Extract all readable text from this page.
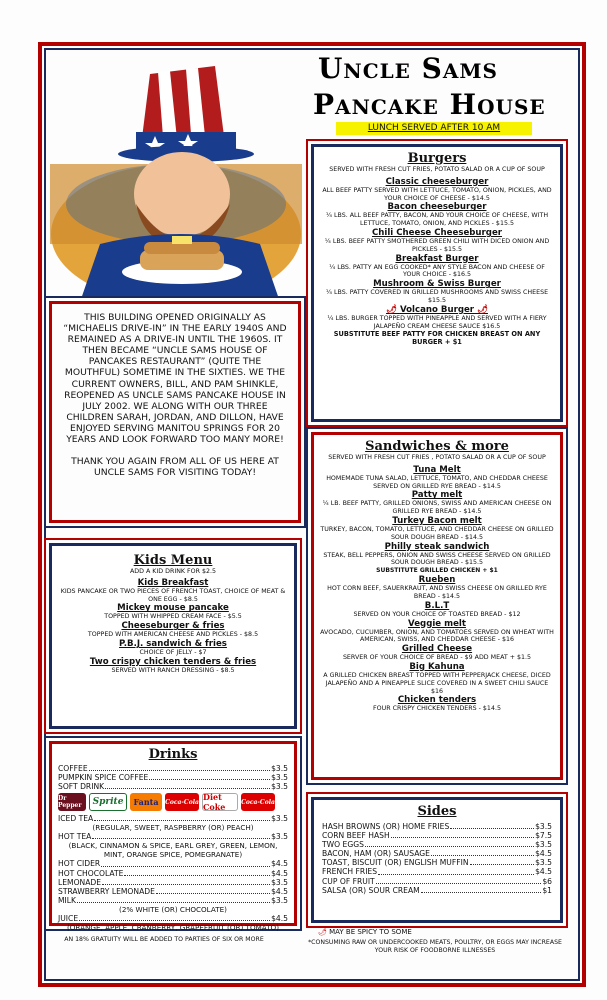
Uncle Sams
Pancake House
LUNCH SERVED AFTER 10 AM
Burgers
SERVED WITH FRESH CUT FRIES, POTATO SALAD OR A CUP OF SOUP
Classic cheeseburger
ALL BEEF PATTY SERVED WITH LETTUCE, TOMATO, ONION, PICKLES, AND YOUR CHOICE OF CHEESE - $14.5
Bacon cheeseburger
¼ LBS. ALL BEEF PATTY, BACON, AND YOUR CHOICE OF CHEESE, WITH LETTUCE, TOMATO, ONION, AND PICKLES - $15.5
Chili Cheese Cheeseburger
¼ LBS. BEEF PATTY SMOTHERED GREEN CHILI WITH DICED ONION AND PICKLES - $15.5
Breakfast Burger
¼ LBS. PATTY AN EGG COOKED* ANY STYLE BACON AND CHEESE OF YOUR CHOICE - $16.5
Mushroom & Swiss Burger
¼ LBS. PATTY COVERED IN GRILLED MUSHROOMS AND SWISS CHEESE $15.5
🌶 Volcano Burger 🌶
¼ LBS. BURGER TOPPED WITH PINEAPPLE AND SERVED WITH A FIERY JALAPEÑO CREAM CHEESE SAUCE $16.5
SUBSTITUTE BEEF PATTY FOR CHICKEN BREAST ON ANY BURGER + $1

THIS BUILDING OPENED ORIGINALLY AS “MICHAELIS DRIVE-IN” IN THE EARLY 1940S AND REMAINED AS A DRIVE-IN UNTIL THE 1960S. IT THEN BECAME “UNCLE SAMS HOUSE OF PANCAKES RESTAURANT” (QUITE THE MOUTHFUL) SOMETIME IN THE SIXTIES. WE THE CURRENT OWNERS, BILL, AND PAM SHINKLE, REOPENED AS UNCLE SAMS PANCAKE HOUSE IN JULY 2002. WE ALONG WITH OUR THREE CHILDREN SARAH, JORDAN, AND DILLON, HAVE ENJOYED SERVING MANITOU SPRINGS FOR 20 YEARS AND LOOK FORWARD TOO MANY MORE!

THANK YOU AGAIN FROM ALL OF US HERE AT UNCLE SAMS FOR VISITING TODAY!

Sandwiches & more
SERVED WITH FRESH CUT FRIES , POTATO SALAD OR A CUP OF SOUP
Tuna Melt
HOMEMADE TUNA SALAD, LETTUCE, TOMATO, AND CHEDDAR CHEESE SERVED ON GRILLED RYE BREAD - $14.5
Patty melt
¼ LB. BEEF PATTY, GRILLED ONIONS, SWISS AND AMERICAN CHEESE ON GRILLED RYE BREAD - $14.5
Turkey Bacon melt
TURKEY, BACON, TOMATO, LETTUCE, AND CHEDDAR CHEESE ON GRILLED SOUR DOUGH BREAD - $14.5
Philly steak sandwich
STEAK, BELL PEPPERS, ONION AND SWISS CHEESE SERVED ON GRILLED SOUR DOUGH BREAD - $15.5
SUBSTITUTE GRILLED CHICKEN + $1
Rueben
HOT CORN BEEF, SAUERKRAUT, AND SWISS CHEESE ON GRILLED RYE BREAD - $14.5
B.L.T
SERVED ON YOUR CHOICE OF TOASTED BREAD - $12
Veggie melt
AVOCADO, CUCUMBER, ONION, AND TOMATOES SERVED ON WHEAT WITH AMERICAN, SWISS, AND CHEDDAR CHEESE - $16
Grilled Cheese
SERVER OF YOUR CHOICE OF BREAD - $9 ADD MEAT + $1.5
Big Kahuna
A GRILLED CHICKEN BREAST TOPPED WITH PEPPERJACK CHEESE, DICED JALAPEÑO AND A PINEAPPLE SLICE COVERED IN A SWEET CHILI SAUCE $16
Chicken tenders
FOUR CRISPY CHICKEN TENDERS - $14.5
Kids Menu
ADD A KID DRINK FOR $2.5
Kids Breakfast
KIDS PANCAKE OR TWO PIECES OF FRENCH TOAST, CHOICE OF MEAT & ONE EGG - $8.5
Mickey mouse pancake
TOPPED WITH WHIPPED CREAM FACE - $5.5
Cheeseburger & fries
TOPPED WITH AMERICAN CHEESE AND PICKLES - $8.5
P.B.J. sandwich & fries
CHOICE OF JELLY - $7
Two crispy chicken tenders & fries
SERVED WITH RANCH DRESSING - $8.5
Drinks
COFFEE	$3.5
PUMPKIN SPICE COFFEE	$3.5
SOFT DRINK	$3.5
Dr Pepper	Sprite	Fanta	Coca-Cola Diet Coke	Coca-Cola
ICED TEA	$3.5
(REGULAR, SWEET, RASPBERRY (OR) PEACH)
HOT TEA	$3.5
(BLACK, CINNAMON & SPICE, EARL GREY, GREEN, LEMON, MINT, ORANGE SPICE, POMEGRANATE)
HOT CIDER	$4.5
HOT CHOCOLATE	$4.5
LEMONADE	$3.5
STRAWBERRY LEMONADE	$4.5
MILK	$3.5
(2% WHITE (OR) CHOCOLATE)
JUICE	$4.5
(ORANGE, APPLE, CRANBERRY, GRAPEFRUIT (OR) TOMATO)
Sides
HASH BROWNS (OR) HOME FRIES	$3.5
CORN BEEF HASH	$7.5
TWO EGGS	$3.5
BACON, HAM (OR) SAUSAGE	$4.5
TOAST, BISCUIT (OR) ENGLISH MUFFIN	$3.5
FRENCH FRIES	$4.5
CUP OF FRUIT	$6
SALSA (OR) SOUR CREAM	$1
AN 18% GRATUITY WILL BE ADDED TO PARTIES OF SIX OR MORE
🌶 MAY BE SPICY TO SOME
*CONSUMING RAW OR UNDERCOOKED MEATS, POULTRY, OR EGGS MAY INCREASE YOUR RISK OF FOODBORNE ILLNESSES
